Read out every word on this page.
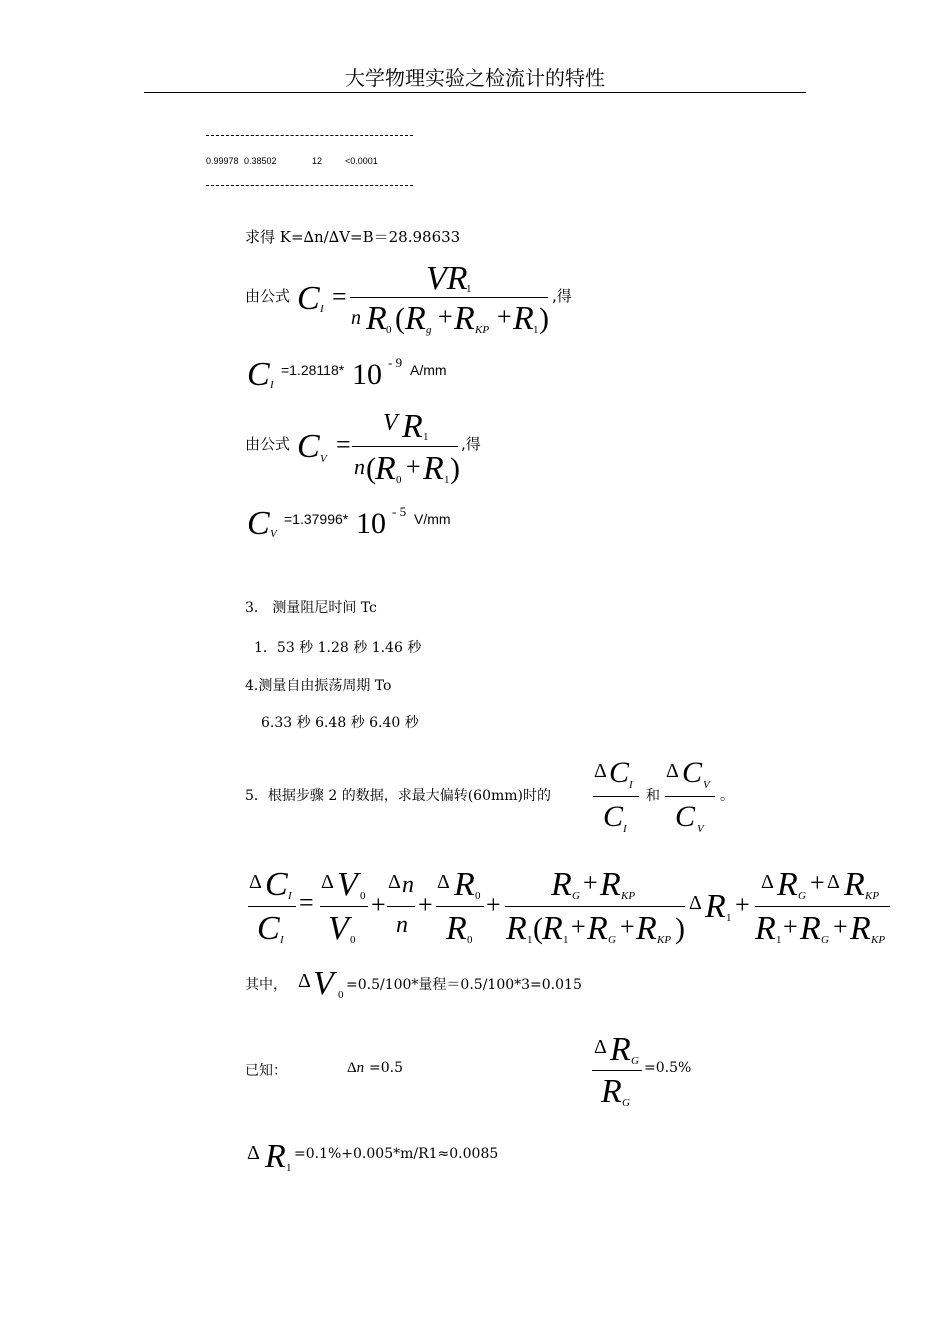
大学物理实验之检流计的特性
0.99978 0.38502	12	<0.0001
求得 K=∆n/∆V=B＝28.98633
由公式 C I = VR
1
n R 0 ( R g + R KP + R 1 )
,得
C I
=1.28118* 10 - 9 A/mm
由公式 C V =
V R 1
n ( R 0 + R 1 )
,得
C V
=1.37996* 10 - 5 V/mm
3． 测量阻尼时间 Tc
1．53 秒 1.28 秒 1.46 秒
4.测量自由振荡周期 To
6.33 秒 6.48 秒 6.40 秒
5．根据步骤 2 的数据，求最大偏转(60mm)时的
Δ C I
C I
和
Δ C V
C V
。
Δ C I
C I
=
Δ V 0
V 0
+
Δ n
n
+
Δ R 0
R 0
+
R G + R KP
R 1 ( R 1 + R G + R KP )
Δ R 1 +
Δ R G + Δ R KP
R 1 + R G + R KP
其中， Δ V 0
=0.5/100*量程＝0.5/100*3=0.015
已知：	Δn =0.5
Δ R G
R G
=0.5%
Δ R 1
=0.1%+0.005*m/R1≈0.0085
